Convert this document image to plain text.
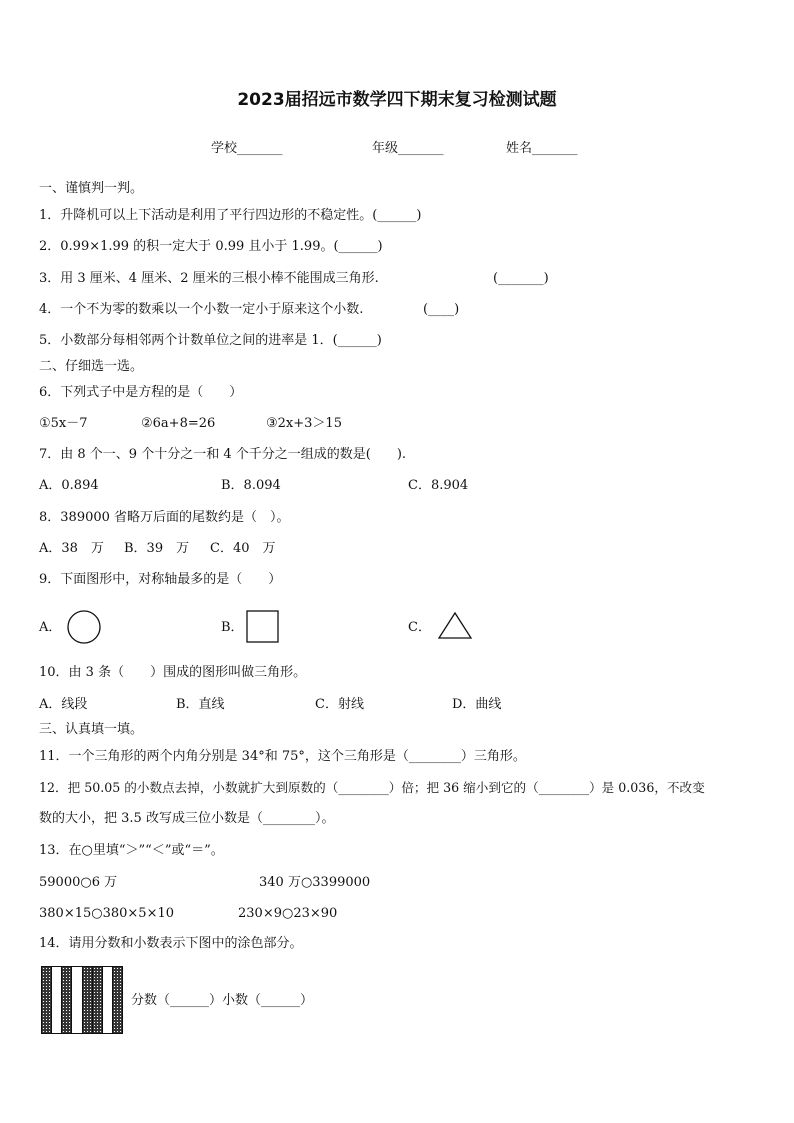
2023届招远市数学四下期末复习检测试题
学校_______	年级_______	姓名_______
一、谨慎判一判。
1．升降机可以上下活动是利用了平行四边形的不稳定性。(______)
2．0.99×1.99 的积一定大于 0.99 且小于 1.99。(______)
3．用 3 厘米、4 厘米、2 厘米的三根小棒不能围成三角形.	(_______)
4．一个不为零的数乘以一个小数一定小于原来这个小数.	(____)
5．小数部分每相邻两个计数单位之间的进率是 1．(______)
二、仔细选一选。
6．下列式子中是方程的是（　　）
①5x－7	②6a+8=26	③2x+3＞15
7．由 8 个一、9 个十分之一和 4 个千分之一组成的数是(　　).
A．0.894	B．8.094	C．8.904
8．389000 省略万后面的尾数约是（　）。
A．38　万 B．39　万 C．40　万
9．下面图形中，对称轴最多的是（　　）
A．	B．	C．
10．由 3 条（　　）围成的图形叫做三角形。
A．线段	B．直线	C．射线	D．曲线
三、认真填一填。
11．一个三角形的两个内角分别是 34°和 75°，这个三角形是（________）三角形。
12．把 50.05 的小数点去掉，小数就扩大到原数的（________）倍；把 36 缩小到它的（________）是 0.036，不改变
数的大小，把 3.5 改写成三位小数是（________）。
13．在○里填“＞”“＜”或“＝”。
59000○6 万	340 万○3399000
380×15○380×5×10	230×9○23×90
14．请用分数和小数表示下图中的涂色部分。
分数（______）小数（______）
